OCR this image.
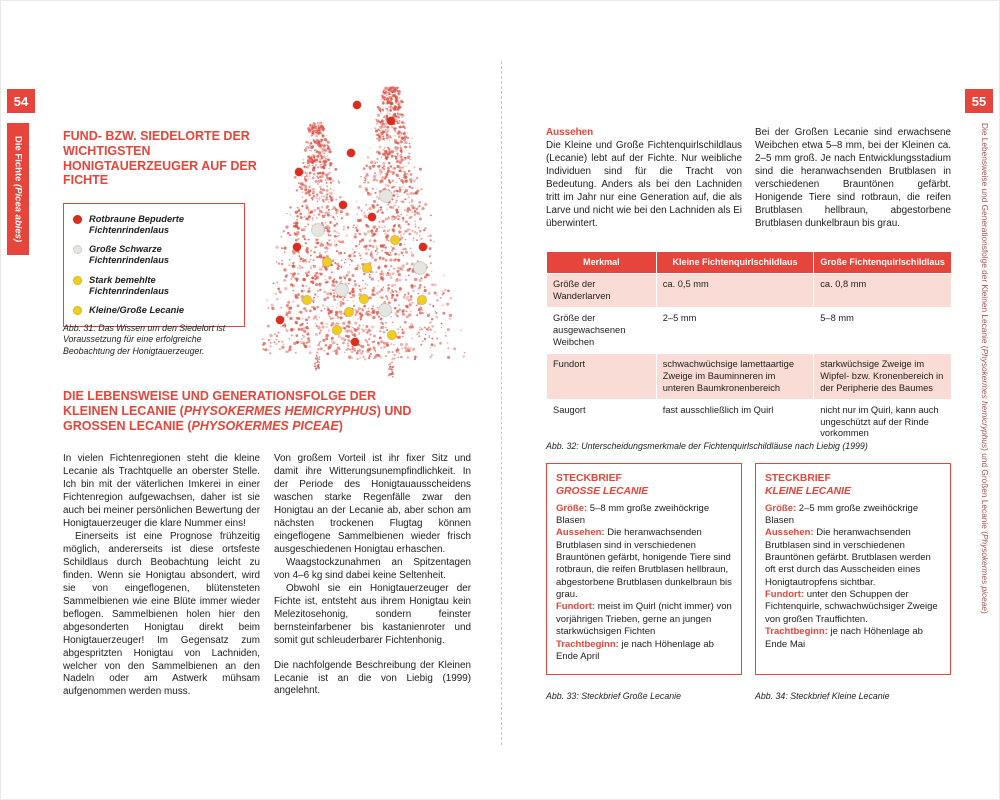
54
Die Fichte (Picea abies)
FUND- BZW. SIEDELORTE DER WICHTIGSTEN HONIGTAUERZEUGER AUF DER FICHTE
Rotbraune Bepuderte Fichtenrindenlaus
Große Schwarze Fichtenrindenlaus
Stark bemehlte Fichtenrindenlaus
Kleine/Große Lecanie
Abb. 31: Das Wissen um den Siedelort ist Voraussetzung für eine erfolgreiche Beobachtung der Honigtauerzeuger.
DIE LEBENSWEISE UND GENERATIONSFOLGE DER KLEINEN LECANIE (PHYSOKERMES HEMICRYPHUS) UND GROSSEN LECANIE (PHYSOKERMES PICEAE)

In vielen Fichtenregionen steht die kleine Lecanie als Trachtquelle an oberster Stelle. Ich bin mit der väterlichen Imkerei in einer Fichtenregion aufgewachsen, daher ist sie auch bei meiner persönlichen Bewertung der Honigtauerzeuger die klare Nummer eins!

Einerseits ist eine Prognose frühzeitig möglich, andererseits ist diese ortsfeste Schildlaus durch Beobachtung leicht zu finden. Wenn sie Honigtau absondert, wird sie von eingeflogenen, blütensteten Sammelbienen wie eine Blüte immer wieder beflogen. Sammelbienen holen hier den abgesonderten Honigtau direkt beim Honigtauerzeuger! Im Gegensatz zum abgespritzten Honigtau von Lachniden, welcher von den Sammelbienen an den Nadeln oder am Astwerk mühsam aufgenommen werden muss.

Von großem Vorteil ist ihr fixer Sitz und damit ihre Witterungsunempfindlichkeit. In der Periode des Honigtauausscheidens waschen starke Regenfälle zwar den Honigtau an der Lecanie ab, aber schon am nächsten trockenen Flugtag können eingeflogene Sammelbienen wieder frisch ausgeschiedenen Honigtau erhaschen.

Waagstockzunahmen an Spitzentagen von 4–6 kg sind dabei keine Seltenheit.

Obwohl sie ein Honigtauerzeuger der Fichte ist, entsteht aus ihrem Honigtau kein Melezitosehonig, sondern feinster bernsteinfarbener bis kastanienroter und somit gut schleuderbarer Fichtenhonig.

Die nachfolgende Beschreibung der Kleinen Lecanie ist an die von Liebig (1999) angelehnt.

55
Die Lebensweise und Generationsfolge der Kleinen Lecanie (Physokermes hemicryphus) und Großen Lecanie (Physokermes piceae)

Aussehen

Die Kleine und Große Fichtenquirlschildlaus (Lecanie) lebt auf der Fichte. Nur weibliche Individuen sind für die Tracht von Bedeutung. Anders als bei den Lachniden tritt im Jahr nur eine Generation auf, die als Larve und nicht wie bei den Lachniden als Ei überwintert.

Bei der Großen Lecanie sind erwachsene Weibchen etwa 5–8 mm, bei der Kleinen ca. 2–5 mm groß. Je nach Entwicklungsstadium sind die heranwachsenden Brutblasen in verschiedenen Brauntönen gefärbt. Honigende Tiere sind rotbraun, die reifen Brutblasen hellbraun, abgestorbene Brutblasen dunkelbraun bis grau.

Merkmal	Kleine Fichtenquirlschildlaus	Große Fichtenquirlschildlaus
Größe der Wanderlarven	ca. 0,5 mm	ca. 0,8 mm
Größe der ausgewachsenen Weibchen	2–5 mm	5–8 mm
Fundort	schwachwüchsige lamettaartige Zweige im Bauminneren im unteren Baumkronenbereich	starkwüchsige Zweige im Wipfel- bzw. Kronenbereich in der Peripherie des Baumes
Saugort	fast ausschließlich im Quirl	nicht nur im Quirl, kann auch ungeschützt auf der Rinde vorkommen
Abb. 32: Unterscheidungsmerkmale der Fichtenquirlschildläuse nach Liebig (1999)

STECKBRIEF

GROSSE LECANIE

Größe: 5–8 mm große zweihöckrige Blasen

Aussehen: Die heranwachsenden Brutblasen sind in verschiedenen Brauntönen gefärbt, honigende Tiere sind rotbraun, die reifen Brutblasen hellbraun, abgestorbene Brutblasen dunkelbraun bis grau.

Fundort: meist im Quirl (nicht immer) von vorjährigen Trieben, gerne an jungen starkwüchsigen Fichten

Trachtbeginn: je nach Höhenlage ab Ende April

STECKBRIEF

KLEINE LECANIE

Größe: 2–5 mm große zweihöckrige Blasen

Aussehen: Die heranwachsenden Brutblasen sind in verschiedenen Brauntönen gefärbt. Brutblasen werden oft erst durch das Ausscheiden eines Honigtautropfens sichtbar.

Fundort: unter den Schuppen der Fichtenquirle, schwachwüchsiger Zweige von großen Trauffichten.

Trachtbeginn: je nach Höhenlage ab Ende Mai

Abb. 33: Steckbrief Große Lecanie	Abb. 34: Steckbrief Kleine Lecanie
